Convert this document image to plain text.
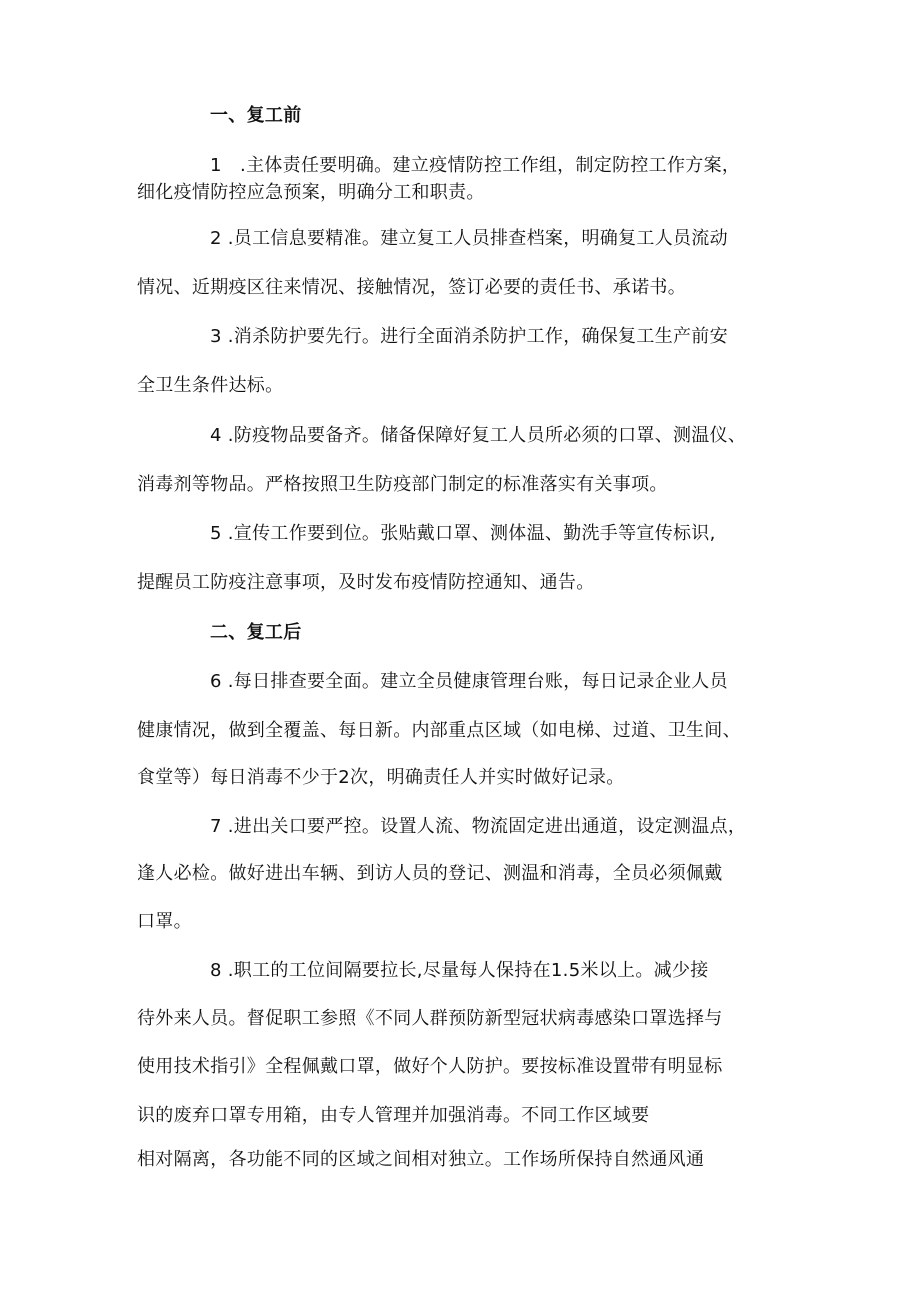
一、复工前
1　.主体责任要明确。建立疫情防控工作组，制定防控工作方案，
细化疫情防控应急预案，明确分工和职责。
2 .员工信息要精准。建立复工人员排查档案，明确复工人员流动
情况、近期疫区往来情况、接触情况，签订必要的责任书、承诺书。
3 .消杀防护要先行。进行全面消杀防护工作，确保复工生产前安
全卫生条件达标。
4 .防疫物品要备齐。储备保障好复工人员所必须的口罩、测温仪、
消毒剂等物品。严格按照卫生防疫部门制定的标准落实有关事项。
5 .宣传工作要到位。张贴戴口罩、测体温、勤洗手等宣传标识,
提醒员工防疫注意事项，及时发布疫情防控通知、通告。
二、复工后
6 .每日排查要全面。建立全员健康管理台账，每日记录企业人员
健康情况，做到全覆盖、每日新。内部重点区域（如电梯、过道、卫生间、
食堂等）每日消毒不少于2次，明确责任人并实时做好记录。
7 .进出关口要严控。设置人流、物流固定进出通道，设定测温点，
逢人必检。做好进出车辆、到访人员的登记、测温和消毒，全员必须佩戴
口罩。
8 .职工的工位间隔要拉长,尽量每人保持在1.5米以上。减少接
待外来人员。督促职工参照《不同人群预防新型冠状病毒感染口罩选择与
使用技术指引》全程佩戴口罩，做好个人防护。要按标准设置带有明显标
识的废弃口罩专用箱，由专人管理并加强消毒。不同工作区域要
相对隔离，各功能不同的区域之间相对独立。工作场所保持自然通风通
